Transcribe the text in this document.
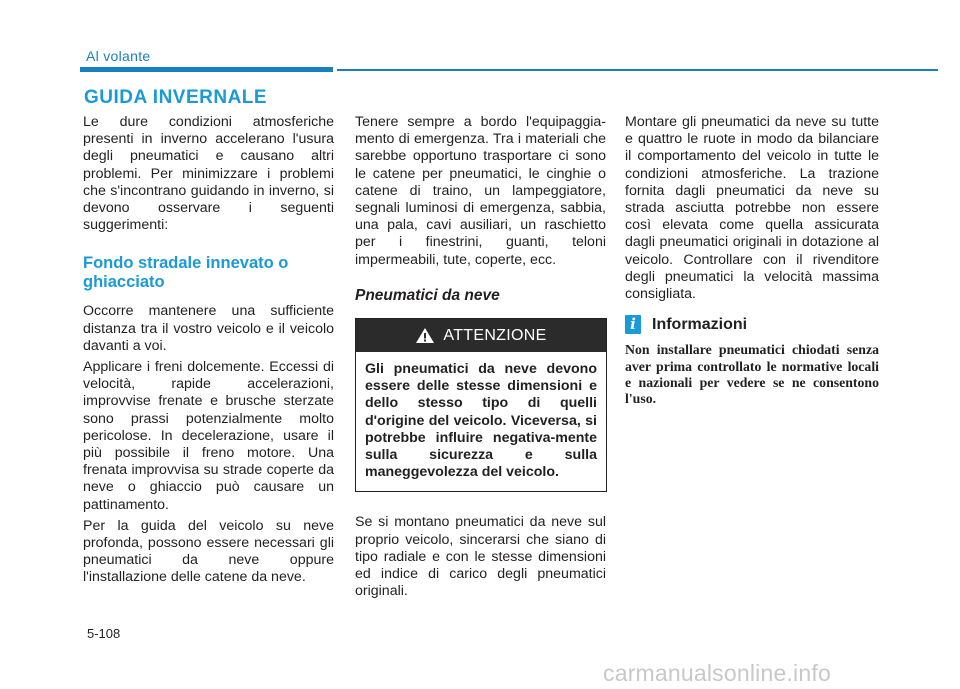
Al volante
GUIDA INVERNALE

Le dure condizioni atmosferiche presenti in inverno accelerano l'usura degli pneumatici e causano altri problemi. Per minimizzare i problemi che s'incontrano guidando in inverno, si devono osservare i seguenti suggerimenti:

Fondo stradale innevato o ghiacciato

Occorre mantenere una sufficiente distanza tra il vostro veicolo e il veicolo davanti a voi.

Applicare i freni dolcemente. Eccessi di velocità, rapide accelerazioni, improvvise frenate e brusche sterzate sono prassi potenzialmente molto pericolose. In decelerazione, usare il più possibile il freno motore. Una frenata improvvisa su strade coperte da neve o ghiaccio può causare un pattinamento.

Per la guida del veicolo su neve profonda, possono essere necessari gli pneumatici da neve oppure l'installazione delle catene da neve.

Tenere sempre a bordo l'equipaggia-mento di emergenza. Tra i materiali che sarebbe opportuno trasportare ci sono le catene per pneumatici, le cinghie o catene di traino, un lampeggiatore, segnali luminosi di emergenza, sabbia, una pala, cavi ausiliari, un raschietto per i finestrini, guanti, teloni impermeabili, tute, coperte, ecc.

Pneumatici da neve
ATTENZIONE
Gli pneumatici da neve devono essere delle stesse dimensioni e dello stesso tipo di quelli d'origine del veicolo. Viceversa, si potrebbe influire negativa-mente sulla sicurezza e sulla maneggevolezza del veicolo.

Se si montano pneumatici da neve sul proprio veicolo, sincerarsi che siano di tipo radiale e con le stesse dimensioni ed indice di carico degli pneumatici originali.

Montare gli pneumatici da neve su tutte e quattro le ruote in modo da bilanciare il comportamento del veicolo in tutte le condizioni atmosferiche. La trazione fornita dagli pneumatici da neve su strada asciutta potrebbe non essere così elevata come quella assicurata dagli pneumatici originali in dotazione al veicolo. Controllare con il rivenditore degli pneumatici la velocità massima consigliata.

i	Informazioni
Non installare pneumatici chiodati senza aver prima controllato le normative locali e nazionali per vedere se ne consentono l'uso.
5-108
carmanualsonline.info
